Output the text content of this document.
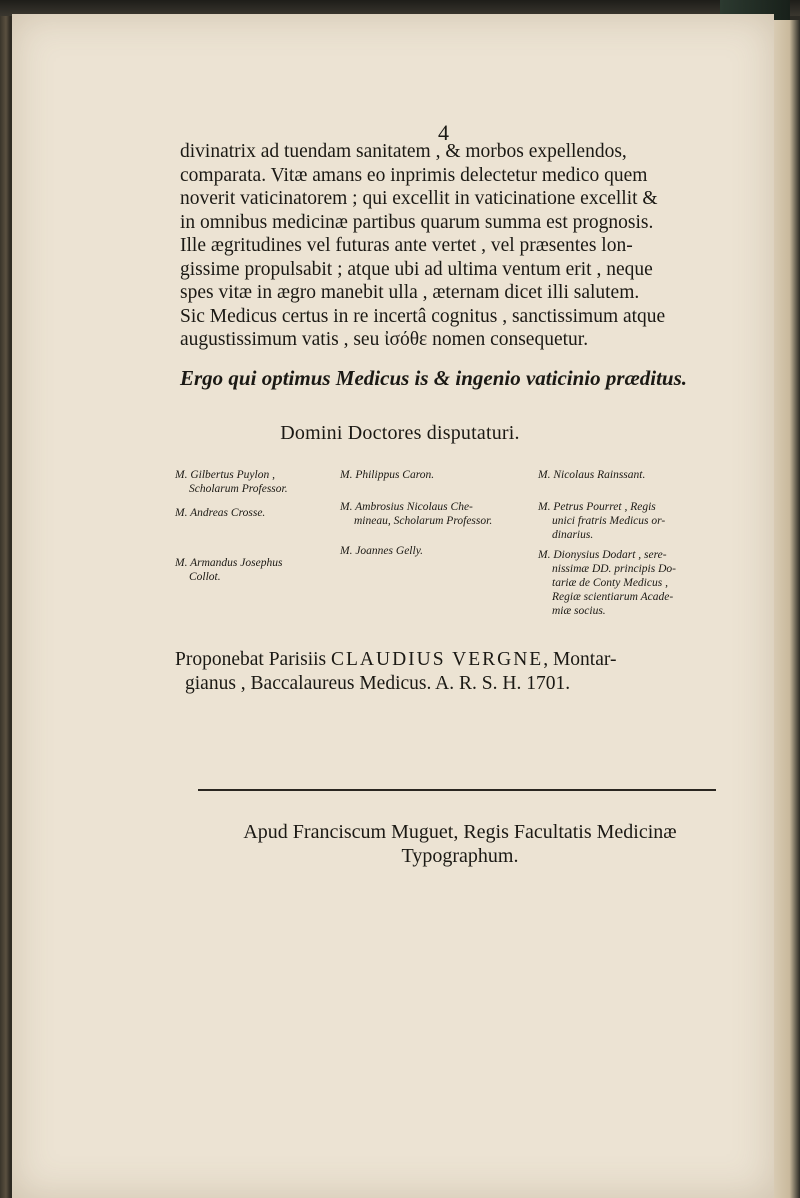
4

divinatrix ad tuendam sanitatem , & morbos expellendos,

comparata. Vitæ amans eo inprimis delectetur medico quem

noverit vaticinatorem ; qui excellit in vaticinatione excellit &

in omnibus medicinæ partibus quarum summa est prognosis.

Ille ægritudines vel futuras ante vertet , vel præsentes lon-

gissime propulsabit ; atque ubi ad ultima ventum erit , neque

spes vitæ in ægro manebit ulla , æternam dicet illi salutem.

Sic Medicus certus in re incertâ cognitus , sanctissimum atque

augustissimum vatis , seu ἰσόθε nomen consequetur.

Ergo qui optimus Medicus is & ingenio vaticinio præditus.
Domini Doctores disputaturi.
M. Gilbertus Puylon ,
Scholarum Professor.
M. Andreas Crosse.
M. Armandus Josephus
Collot.
M. Philippus Caron.
M. Ambrosius Nicolaus Che-
mineau, Scholarum Professor.
M. Joannes Gelly.
M. Nicolaus Rainssant.
M. Petrus Pourret , Regis
unici fratris Medicus or-
dinarius.
M. Dionysius Dodart , sere-
nissimæ DD. principis Do-
tariæ de Conty Medicus ,
Regiæ scientiarum Acade-
miæ socius.
Proponebat Parisiis CLAUDIUS VERGNE, Montar-
gianus , Baccalaureus Medicus. A. R. S. H. 1701.
Apud Franciscum Muguet, Regis Facultatis Medicinæ
Typographum.
